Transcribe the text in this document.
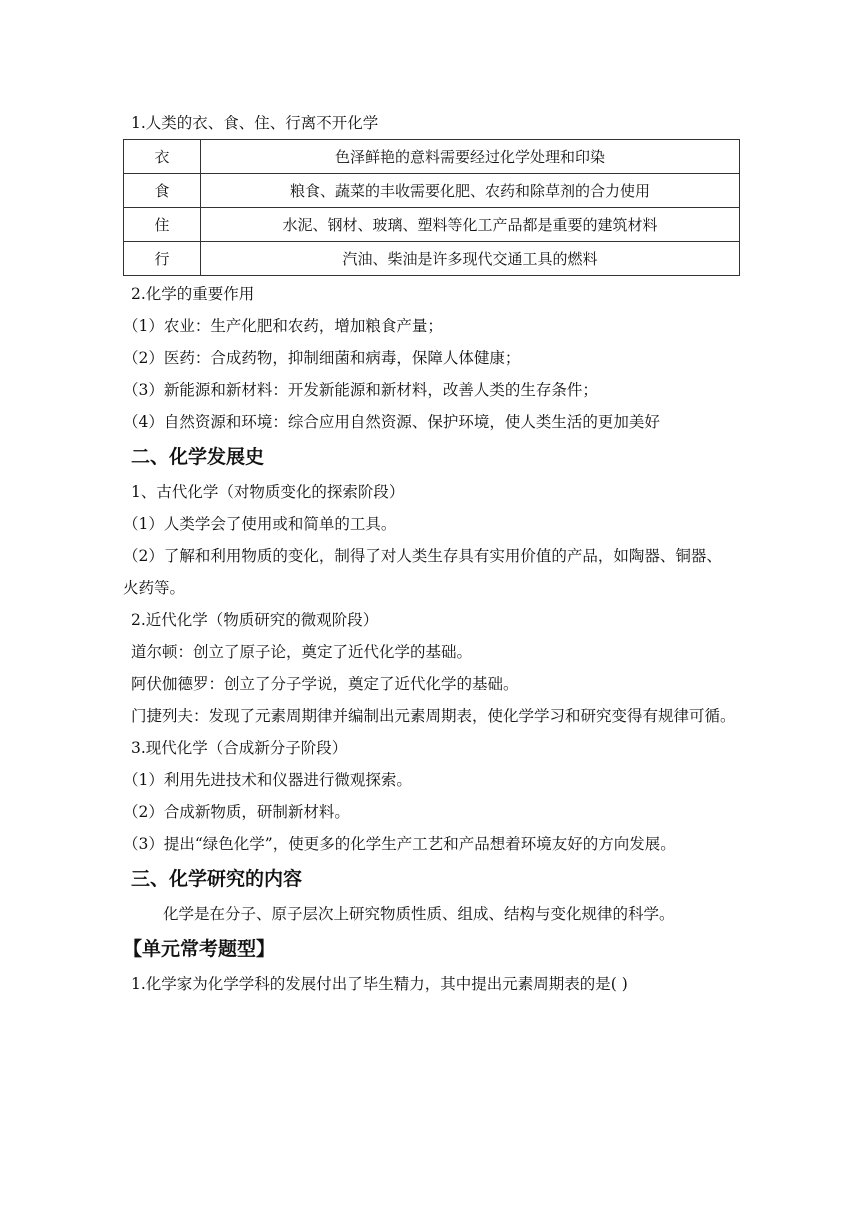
1.人类的衣、食、住、行离不开化学
衣	色泽鲜艳的意料需要经过化学处理和印染
食	粮食、蔬菜的丰收需要化肥、农药和除草剂的合力使用
住	水泥、钢材、玻璃、塑料等化工产品都是重要的建筑材料
行	汽油、柴油是许多现代交通工具的燃料
2.化学的重要作用
（1）农业：生产化肥和农药，增加粮食产量；
（2）医药：合成药物，抑制细菌和病毒，保障人体健康；
（3）新能源和新材料：开发新能源和新材料，改善人类的生存条件；
（4）自然资源和环境：综合应用自然资源、保护环境，使人类生活的更加美好
二、化学发展史
1、古代化学（对物质变化的探索阶段）
（1）人类学会了使用或和简单的工具。
（2）了解和利用物质的变化，制得了对人类生存具有实用价值的产品，如陶器、铜器、火药等。
2.近代化学（物质研究的微观阶段）
道尔顿：创立了原子论，奠定了近代化学的基础。
阿伏伽德罗：创立了分子学说，奠定了近代化学的基础。
门捷列夫：发现了元素周期律并编制出元素周期表，使化学学习和研究变得有规律可循。
3.现代化学（合成新分子阶段）
（1）利用先进技术和仪器进行微观探索。
（2）合成新物质，研制新材料。
（3）提出“绿色化学”，使更多的化学生产工艺和产品想着环境友好的方向发展。
三、化学研究的内容
化学是在分子、原子层次上研究物质性质、组成、结构与变化规律的科学。
【单元常考题型】
1.化学家为化学学科的发展付出了毕生精力，其中提出元素周期表的是( )
